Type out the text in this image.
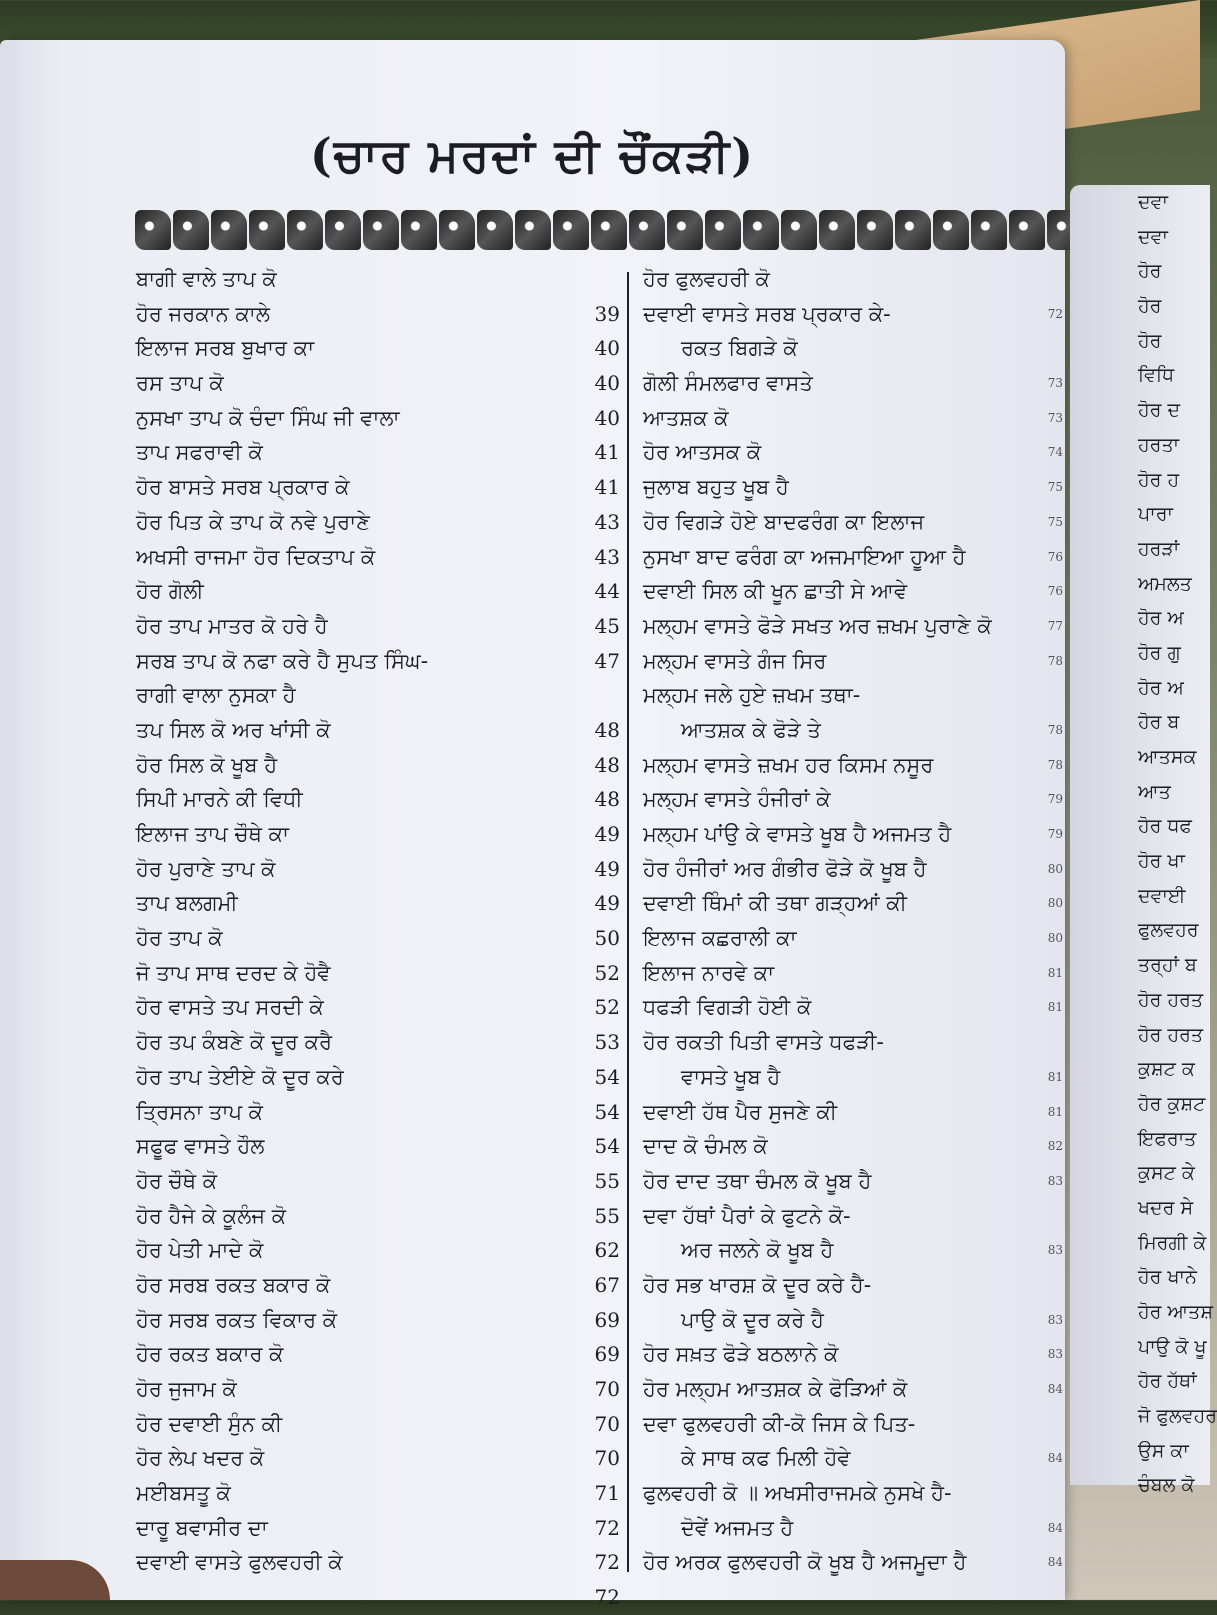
(ਚਾਰ ਮਰਦਾਂ ਦੀ ਚੌਂਕੜੀ)
ਬਾਗੀ ਵਾਲੇ ਤਾਪ ਕੋ
ਹੋਰ ਜਰਕਾਨ ਕਾਲੇ	39
ਇਲਾਜ ਸਰਬ ਬੁਖਾਰ ਕਾ	40
ਰਸ ਤਾਪ ਕੋ	40
ਨੁਸਖਾ ਤਾਪ ਕੋ ਚੰਦਾ ਸਿੰਘ ਜੀ ਵਾਲਾ	40
ਤਾਪ ਸਫਰਾਵੀ ਕੋ	41
ਹੋਰ ਬਾਸਤੇ ਸਰਬ ਪ੍ਰਕਾਰ ਕੇ	41
ਹੋਰ ਪਿਤ ਕੇ ਤਾਪ ਕੋ ਨਵੇ ਪੁਰਾਣੇ	43
ਅਖਸੀ ਰਾਜਮਾ ਹੋਰ ਦਿਕਤਾਪ ਕੋ	43
ਹੋਰ ਗੋਲੀ	44
ਹੋਰ ਤਾਪ ਮਾਤਰ ਕੋ ਹਰੇ ਹੈ	45
ਸਰਬ ਤਾਪ ਕੋ ਨਫਾ ਕਰੇ ਹੈ ਸੁਪਤ ਸਿੰਘ-	47
ਰਾਗੀ ਵਾਲਾ ਨੁਸਕਾ ਹੈ
ਤਪ ਸਿਲ ਕੋ ਅਰ ਖਾਂਸੀ ਕੋ	48
ਹੋਰ ਸਿਲ ਕੋ ਖੂਬ ਹੈ	48
ਸਿਪੀ ਮਾਰਨੇ ਕੀ ਵਿਧੀ	48
ਇਲਾਜ ਤਾਪ ਚੌਥੇ ਕਾ	49
ਹੋਰ ਪੁਰਾਣੇ ਤਾਪ ਕੋ	49
ਤਾਪ ਬਲਗਮੀ	49
ਹੋਰ ਤਾਪ ਕੋ	50
ਜੋ ਤਾਪ ਸਾਥ ਦਰਦ ਕੇ ਹੋਵੈ	52
ਹੋਰ ਵਾਸਤੇ ਤਪ ਸਰਦੀ ਕੇ	52
ਹੋਰ ਤਪ ਕੰਬਣੇ ਕੋ ਦੂਰ ਕਰੈ	53
ਹੋਰ ਤਾਪ ਤੇਈਏ ਕੋ ਦੂਰ ਕਰੇ	54
ਤ੍ਰਿਸਨਾ ਤਾਪ ਕੋ	54
ਸਫੂਫ ਵਾਸਤੇ ਹੌਲ	54
ਹੋਰ ਚੌਥੇ ਕੋ	55
ਹੋਰ ਹੈਜੇ ਕੇ ਕੂਲੰਜ ਕੋ	55
ਹੋਰ ਪੇਤੀ ਮਾਦੇ ਕੋ	62
ਹੋਰ ਸਰਬ ਰਕਤ ਬਕਾਰ ਕੋ	67
ਹੋਰ ਸਰਬ ਰਕਤ ਵਿਕਾਰ ਕੋ	69
ਹੋਰ ਰਕਤ ਬਕਾਰ ਕੋ	69
ਹੋਰ ਜੁਜਾਮ ਕੋ	70
ਹੋਰ ਦਵਾਈ ਸੁੰਨ ਕੀ	70
ਹੋਰ ਲੇਪ ਖਦਰ ਕੋ	70
ਮਈਬਸਤੂ ਕੋ	71
ਦਾਰੂ ਬਵਾਸੀਰ ਦਾ	72
ਦਵਾਈ ਵਾਸਤੇ ਫੁਲਵਹਰੀ ਕੇ	72
72
ਹੋਰ ਫੁਲਵਹਰੀ ਕੋ
ਦਵਾਈ ਵਾਸਤੇ ਸਰਬ ਪ੍ਰਕਾਰ ਕੇ-	72
ਰਕਤ ਬਿਗੜੇ ਕੋ
ਗੋਲੀ ਸੰਮਲਫਾਰ ਵਾਸਤੇ	73
ਆਤਸ਼ਕ ਕੋ	73
ਹੋਰ ਆਤਸਕ ਕੋ	74
ਜੁਲਾਬ ਬਹੁਤ ਖੂਬ ਹੈ	75
ਹੋਰ ਵਿਗੜੇ ਹੋਏ ਬਾਦਫਰੰਗ ਕਾ ਇਲਾਜ	75
ਨੁਸਖਾ ਬਾਦ ਫਰੰਗ ਕਾ ਅਜਮਾਇਆ ਹੂਆ ਹੈ	76
ਦਵਾਈ ਸਿਲ ਕੀ ਖੂਨ ਛਾਤੀ ਸੇ ਆਵੇ	76
ਮਲ੍ਹਮ ਵਾਸਤੇ ਫੋੜੇ ਸਖਤ ਅਰ ਜ਼ਖਮ ਪੁਰਾਣੇ ਕੋ	77
ਮਲ੍ਹਮ ਵਾਸਤੇ ਗੰਜ ਸਿਰ	78
ਮਲ੍ਹਮ ਜਲੇ ਹੁਏ ਜ਼ਖਮ ਤਥਾ-
ਆਤਸ਼ਕ ਕੇ ਫੋੜੇ ਤੇ	78
ਮਲ੍ਹਮ ਵਾਸਤੇ ਜ਼ਖਮ ਹਰ ਕਿਸਮ ਨਸੂਰ	78
ਮਲ੍ਹਮ ਵਾਸਤੇ ਹੰਜੀਰਾਂ ਕੇ	79
ਮਲ੍ਹਮ ਪਾਂਉ ਕੇ ਵਾਸਤੇ ਖੂਬ ਹੈ ਅਜਮਤ ਹੈ	79
ਹੋਰ ਹੰਜੀਰਾਂ ਅਰ ਗੰਭੀਰ ਫੋੜੇ ਕੋ ਖੂਬ ਹੈ	80
ਦਵਾਈ ਥਿੰਮਾਂ ਕੀ ਤਥਾ ਗੜ੍ਹਆਂ ਕੀ	80
ਇਲਾਜ ਕਛਰਾਲੀ ਕਾ	80
ਇਲਾਜ ਨਾਰਵੇ ਕਾ	81
ਧਫੜੀ ਵਿਗੜੀ ਹੋਈ ਕੋ	81
ਹੋਰ ਰਕਤੀ ਪਿਤੀ ਵਾਸਤੇ ਧਫੜੀ-
ਵਾਸਤੇ ਖੂਬ ਹੈ	81
ਦਵਾਈ ਹੱਥ ਪੈਰ ਸੁਜਣੇ ਕੀ	81
ਦਾਦ ਕੋ ਚੰਮਲ ਕੋ	82
ਹੋਰ ਦਾਦ ਤਥਾ ਚੰਮਲ ਕੋ ਖੂਬ ਹੈ	83
ਦਵਾ ਹੱਥਾਂ ਪੈਰਾਂ ਕੇ ਫੁਟਨੇ ਕੋ-
ਅਰ ਜਲਨੇ ਕੋ ਖੂਬ ਹੈ	83
ਹੋਰ ਸਭ ਖਾਰਸ਼ ਕੋ ਦੂਰ ਕਰੇ ਹੈ-
ਪਾਉ ਕੋ ਦੂਰ ਕਰੇ ਹੈ	83
ਹੋਰ ਸਖ਼ਤ ਫੋੜੇ ਬਠਲਾਨੇ ਕੋ	83
ਹੋਰ ਮਲ੍ਹਮ ਆਤਸ਼ਕ ਕੇ ਫੋੜਿਆਂ ਕੋ	84
ਦਵਾ ਫੁਲਵਹਰੀ ਕੀ-ਕੋ ਜਿਸ ਕੇ ਪਿਤ-
ਕੇ ਸਾਥ ਕਫ ਮਿਲੀ ਹੋਵੇ	84
ਫੁਲਵਹਰੀ ਕੋ ॥ ਅਖਸੀਰਾਜਮਕੇ ਨੁਸਖੇ ਹੈ-
ਦੋਵੇਂ ਅਜਮਤ ਹੈ	84
ਹੋਰ ਅਰਕ ਫੁਲਵਹਰੀ ਕੋ ਖੂਬ ਹੈ ਅਜਮੂਦਾ ਹੈ	84
ਦਵਾ
ਦਵਾ
ਹੋਰ
ਹੋਰ
ਹੋਰ
ਵਿਧਿ
ਹੋਰ ਦ
ਹਰਤਾ
ਹੋਰ ਹ
ਪਾਰਾ
ਹਰੜਾਂ
ਅਮਲਤ
ਹੋਰ ਅ
ਹੋਰ ਗੁ
ਹੋਰ ਅ
ਹੋਰ ਬ
ਆਤਸਕ
ਆਤ
ਹੋਰ ਧਫ
ਹੋਰ ਖਾ
ਦਵਾਈ
ਫੁਲਵਹਰ
ਤਰ੍ਹਾਂ ਬ
ਹੋਰ ਹਰਤ
ਹੋਰ ਹਰਤ
ਕੁਸ਼ਟ ਕ
ਹੋਰ ਕੁਸ਼ਟ
ਇਫਰਾਤ
ਕੁਸਟ ਕੇ
ਖਦਰ ਸੇ
ਮਿਰਗੀ ਕੇ
ਹੋਰ ਖਾਨੇ
ਹੋਰ ਆਤਸ਼
ਪਾਉ ਕੋ ਖੂ
ਹੋਰ ਹੱਥਾਂ
ਜੋ ਫੁਲਵਹਰ
ਉਸ ਕਾ
ਚੰਬਲ ਕੋ
